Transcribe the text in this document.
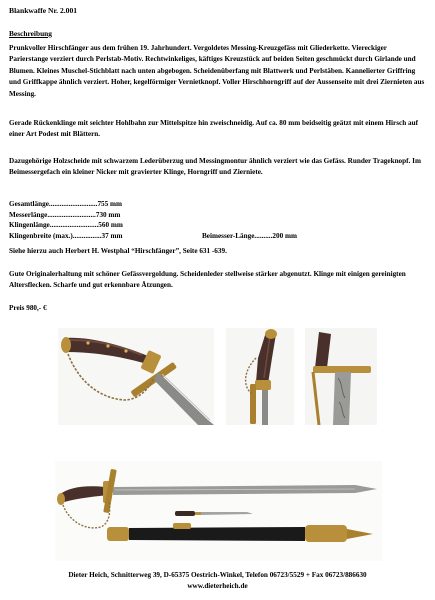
Blankwaffe Nr. 2.001
Beschreibung

Prunkvoller Hirschfänger aus dem frühen 19. Jahrhundert. Vergoldetes Messing-Kreuzgefäss mit Gliederkette. Viereckiger Parierstange verziert durch Perlstab-Motiv. Rechtwinkeliges, käftiges Kreuzstück auf beiden Seiten geschmückt durch Girlande und Blumen. Kleines Muschel-Stichblatt nach unten abgebogen. Scheidenüberfang mit Blattwerk und Perlstäben. Kannelierter Griffring und Griffkappe ähnlich verziert. Hoher, kegelförmiger Vernietknopf. Voller Hirschhorngriff auf der Aussenseite mit drei Ziernieten aus Messing.

Gerade Rückenklinge mit seichter Hohlbahn zur Mittelspitze hin zweischneidig. Auf ca. 80 mm beidseitig geätzt mit einem Hirsch auf einer Art Podest mit Blättern.

Dazugehörige Holzscheide mit schwarzem Lederüberzug und Messingmontur ähnlich verziert wie das Gefäss. Runder Trageknopf. Im Beimessergefach ein kleiner Nicker mit gravierter Klinge, Horngriff und Ziernïete.

Gesamtlänge...........................755 mm
Messerlänge...........................730 mm
Klingenlänge...........................560 mm
Klingenbreite (max.)................37 mm	Beimesser-Länge..........200 mm

Siehe hierzu auch Herbert H. Westphal “Hirschfänger”, Seite 631 -639.

Gute Originalerhaltung mit schöner Gefässvergoldung. Scheidenleder stellweise stärker abgenutzt. Klinge mit einigen gereinigten Altersflecken. Scharfe und gut erkennbare Ätzungen.

Preis 980,- €
Dieter Heich, Schnitterweg 39, D-65375 Oestrich-Winkel, Telefon 06723/5529 + Fax 06723/886630
www.dieterheich.de
